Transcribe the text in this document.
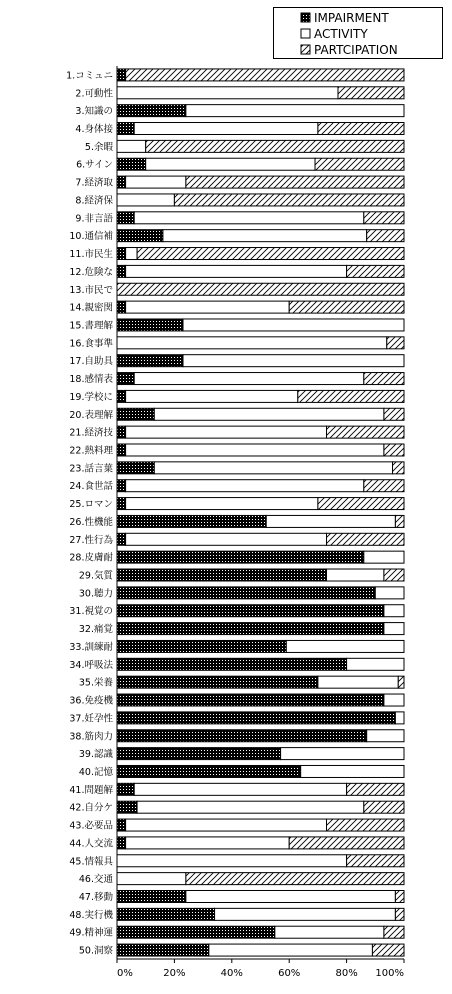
IMPAIRMENT
ACTIVITY
PARTCIPATION
1.コミュニ
2.可動性
3.知識の
4.身体接
5.余暇
6.サイン
7.経済取
8.経済保
9.非言語
10.通信補
11.市民生
12.危険な
13.市民で
14.親密関
15.書理解
16.食事準
17.自助具
18.感情表
19.学校に
20.表理解
21.経済技
22.熱料理
23.話言葉
24.食世話
25.ロマン
26.性機能
27.性行為
28.皮膚耐
29.気質
30.聴力
31.視覚の
32.痛覚
33.訓練耐
34.呼吸法
35.栄養
36.免疫機
37.妊孕性
38.筋肉力
39.認識
40.記憶
41.問題解
42.自分ケ
43.必要品
44.人交流
45.情報具
46.交通
47.移動
48.実行機
49.精神運
50.洞察
0%	20%	40%	60%	80% 100%
